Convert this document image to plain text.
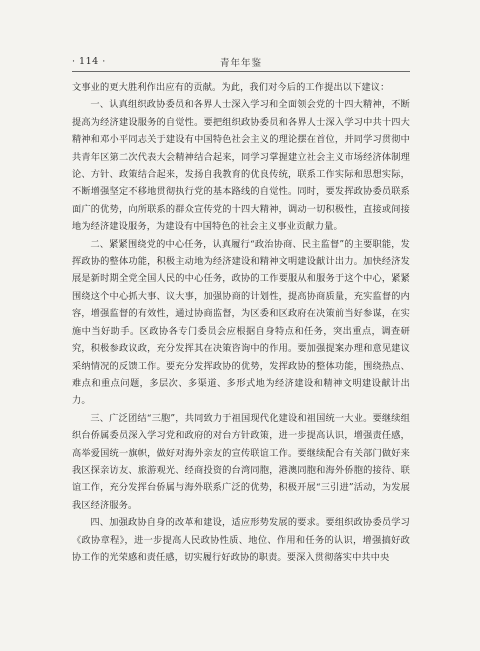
· 114 ·	青年年鉴

文事业的更大胜利作出应有的贡献。为此，我们对今后的工作提出以下建议：

一、认真组织政协委员和各界人士深入学习和全面领会党的十四大精神，不断提高为经济建设服务的自觉性。要把组织政协委员和各界人士深入学习中共十四大精神和邓小平同志关于建设有中国特色社会主义的理论摆在首位，并同学习贯彻中共青年区第二次代表大会精神结合起来，同学习掌握建立社会主义市场经济体制理论、方针、政策结合起来，发扬自我教育的优良传统，联系工作实际和思想实际，不断增强坚定不移地贯彻执行党的基本路线的自觉性。同时，要发挥政协委员联系面广的优势，向所联系的群众宣传党的十四大精神，调动一切积极性，直接或间接地为经济建设服务，为建设有中国特色的社会主义事业贡献力量。

二、紧紧围绕党的中心任务，认真履行“政治协商、民主监督”的主要职能，发挥政协的整体功能，积极主动地为经济建设和精神文明建设献计出力。加快经济发展是新时期全党全国人民的中心任务，政协的工作要服从和服务于这个中心，紧紧围绕这个中心抓大事、议大事，加强协商的计划性，提高协商质量，充实监督的内容，增强监督的有效性，通过协商监督，为区委和区政府在决策前当好参谋，在实施中当好助手。区政协各专门委员会应根据自身特点和任务，突出重点，调查研究，积极参政议政，充分发挥其在决策咨询中的作用。要加强提案办理和意见建议采纳情况的反馈工作。要充分发挥政协的优势，发挥政协的整体功能，围绕热点、难点和重点问题，多层次、多渠道、多形式地为经济建设和精神文明建设献计出力。

三、广泛团结“三胞”，共同致力于祖国现代化建设和祖国统一大业。要继续组织台侨属委员深入学习党和政府的对台方针政策，进一步提高认识，增强责任感，高举爱国统一旗帜，做好对海外亲友的宣传联谊工作。要继续配合有关部门做好来我区探亲访友、旅游观光、经商投资的台湾同胞，港澳同胞和海外侨胞的接待、联谊工作，充分发挥台侨属与海外联系广泛的优势，积极开展“三引进”活动，为发展我区经济服务。

四、加强政协自身的改革和建设，适应形势发展的要求。要组织政协委员学习《政协章程》，进一步提高人民政协性质、地位、作用和任务的认识，增强搞好政协工作的光荣感和责任感，切实履行好政协的职责。要深入贯彻落实中共中央
